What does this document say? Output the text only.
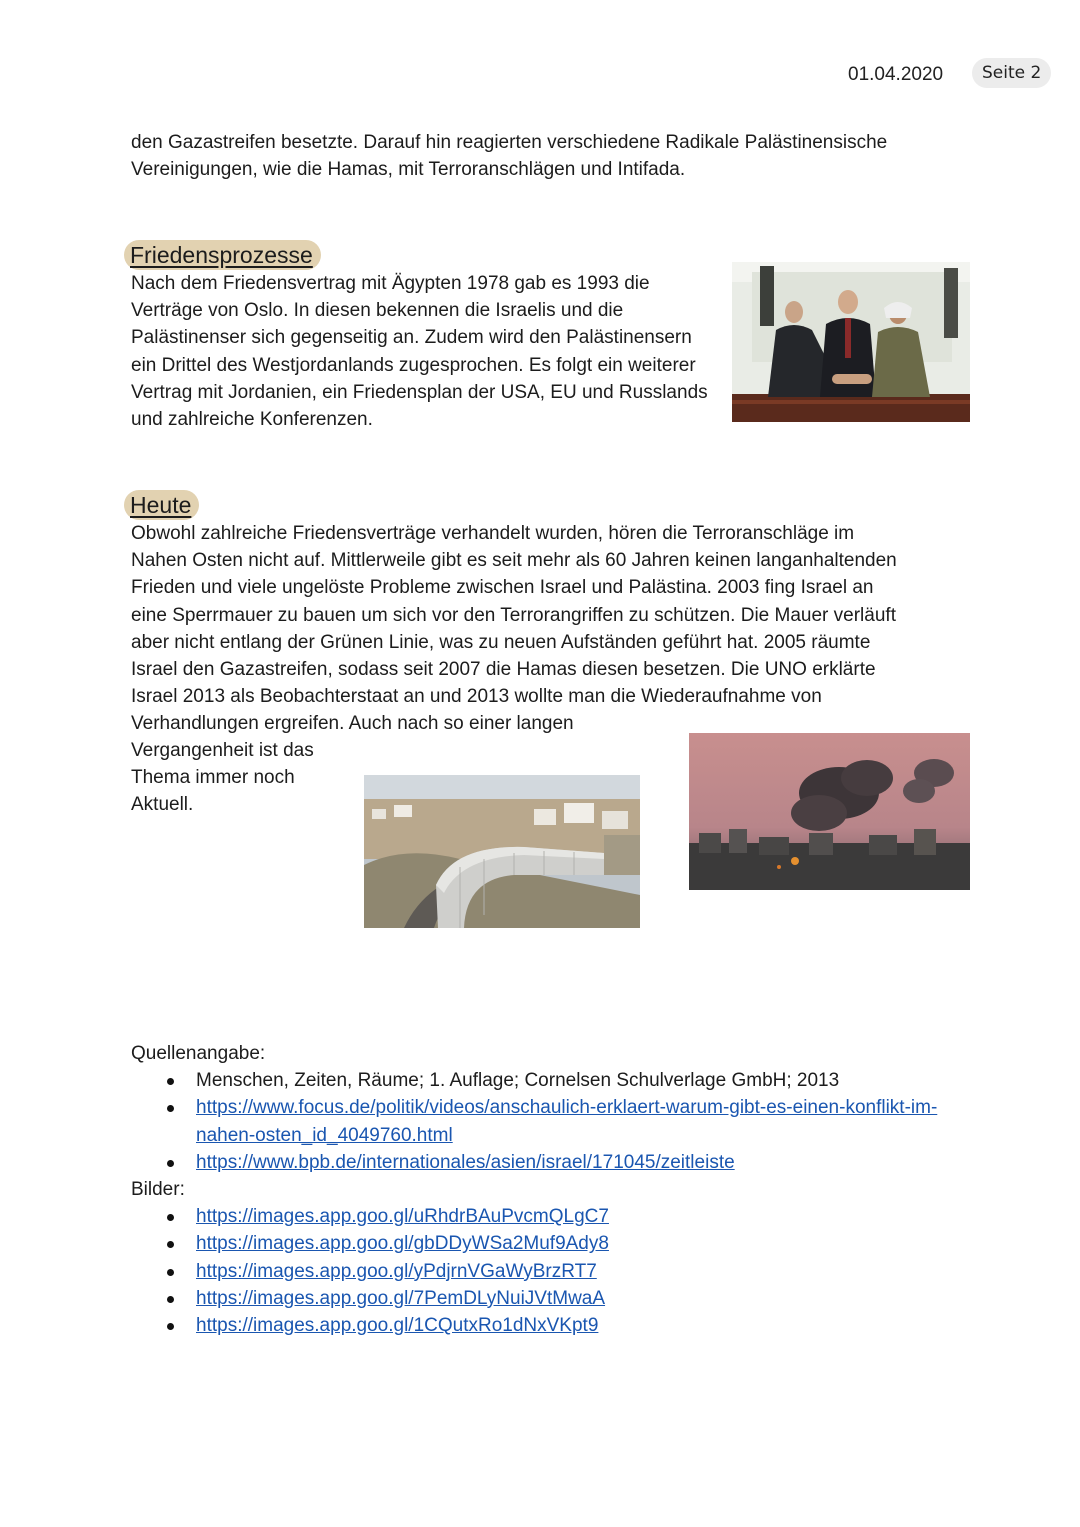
01.04.2020	Seite 2
den Gazastreifen besetzte. Darauf hin reagierten verschiedene Radikale Palästinensische Vereinigungen, wie die Hamas, mit Terroranschlägen und Intifada.
Friedensprozesse
Nach dem Friedensvertrag mit Ägypten 1978 gab es 1993 die Verträge von Oslo. In diesen bekennen die Israelis und die Palästinenser sich gegenseitig an. Zudem wird den Palästinensern ein Drittel des Westjordanlands zugesprochen. Es folgt ein weiterer Vertrag mit Jordanien, ein Friedensplan der USA, EU und Russlands und zahlreiche Konferenzen.
Heute
Obwohl zahlreiche Friedensverträge verhandelt wurden, hören die Terroranschläge im
Nahen Osten nicht auf. Mittlerweile gibt es seit mehr als 60 Jahren keinen langanhaltenden
Frieden und viele ungelöste Probleme zwischen Israel und Palästina. 2003 fing Israel an
eine Sperrmauer zu bauen um sich vor den Terrorangriffen zu schützen. Die Mauer verläuft
aber nicht entlang der Grünen Linie, was zu neuen Aufständen geführt hat. 2005 räumte
Israel den Gazastreifen, sodass seit 2007 die Hamas diesen besetzen. Die UNO erklärte
Israel 2013 als Beobachterstaat an und 2013 wollte man die Wiederaufnahme von
Verhandlungen ergreifen. Auch nach so einer langen
Vergangenheit ist das Thema immer noch Aktuell.
Quellenangabe:
Menschen, Zeiten, Räume; 1. Auflage; Cornelsen Schulverlage GmbH; 2013
https://www.focus.de/politik/videos/anschaulich-erklaert-warum-gibt-es-einen-konflikt-im-nahen-osten_id_4049760.html
https://www.bpb.de/internationales/asien/israel/171045/zeitleiste
Bilder:
https://images.app.goo.gl/uRhdrBAuPvcmQLgC7
https://images.app.goo.gl/gbDDyWSa2Muf9Ady8
https://images.app.goo.gl/yPdjrnVGaWyBrzRT7
https://images.app.goo.gl/7PemDLyNuiJVtMwaA
https://images.app.goo.gl/1CQutxRo1dNxVKpt9
